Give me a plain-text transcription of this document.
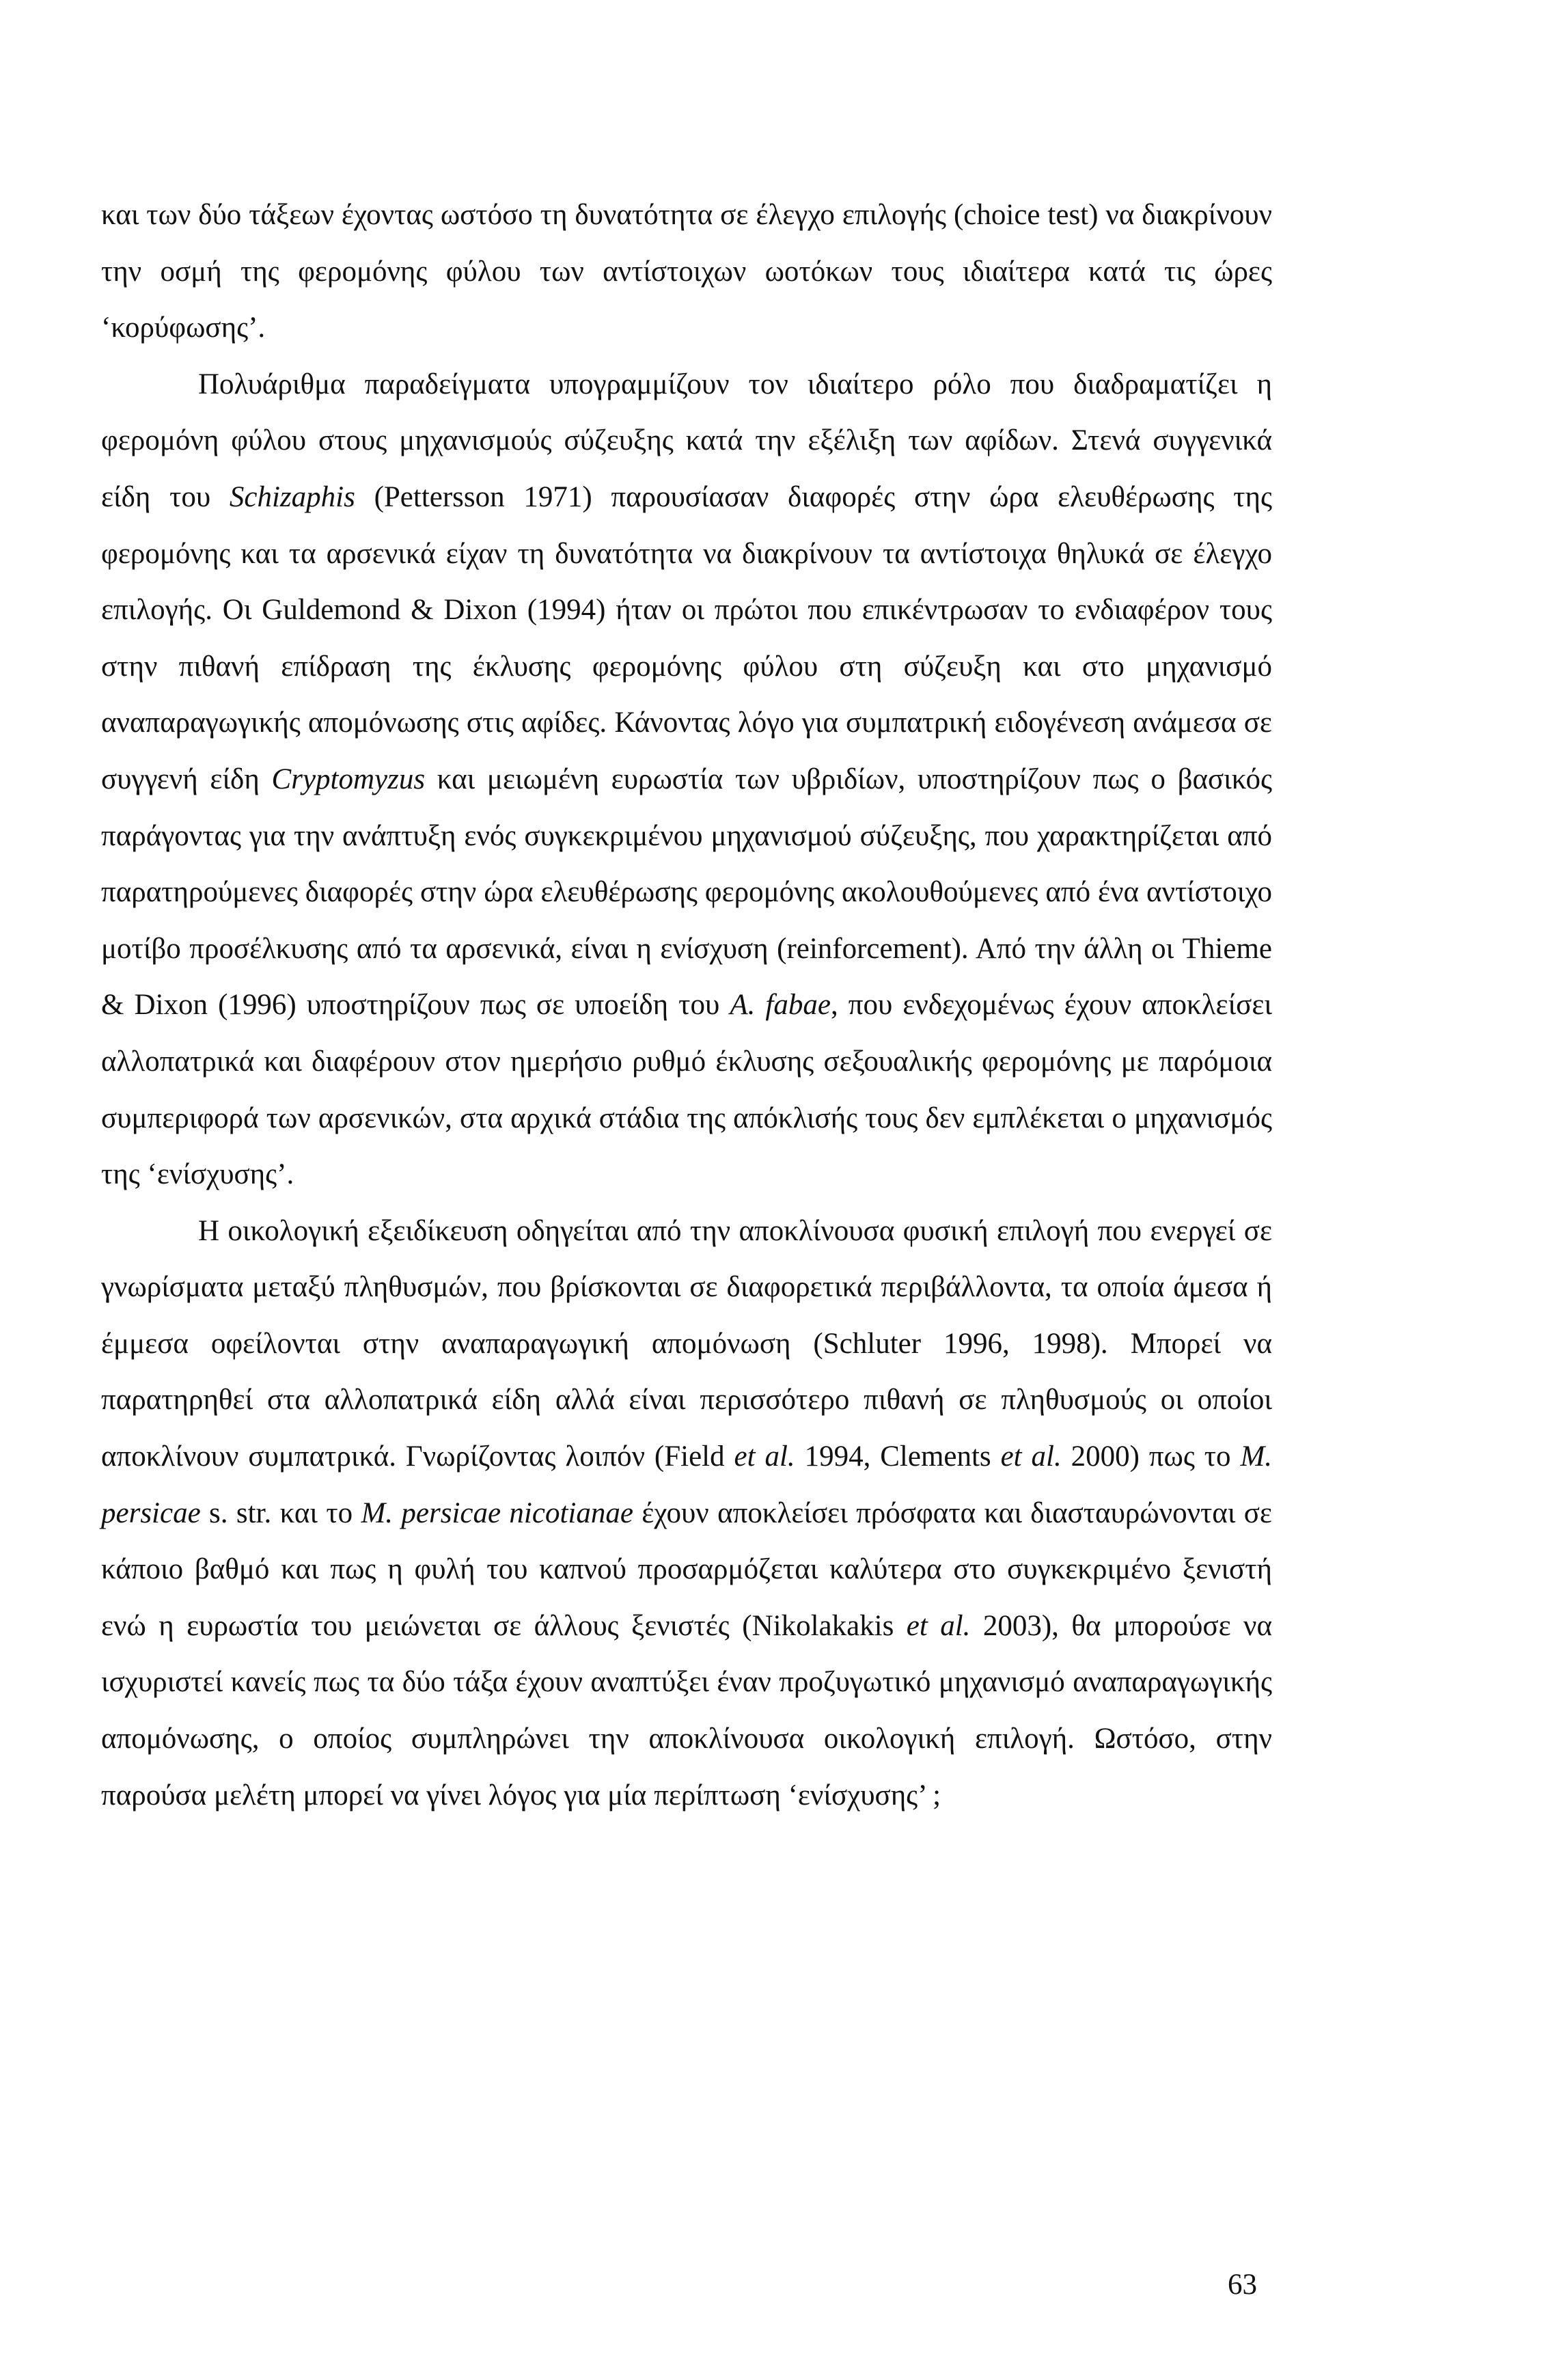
και των δύο τάξεων έχοντας ωστόσο τη δυνατότητα σε έλεγχο επιλογής (choice test) να διακρίνουν την οσμή της φερομόνης φύλου των αντίστοιχων ωοτόκων τους ιδιαίτερα κατά τις ώρες ‘κορύφωσης’.

Πολυάριθμα παραδείγματα υπογραμμίζουν τον ιδιαίτερο ρόλο που διαδραματίζει η φερομόνη φύλου στους μηχανισμούς σύζευξης κατά την εξέλιξη των αφίδων. Στενά συγγενικά είδη του Schizaphis (Pettersson 1971) παρουσίασαν διαφορές στην ώρα ελευθέρωσης της φερομόνης και τα αρσενικά είχαν τη δυνατότητα να διακρίνουν τα αντίστοιχα θηλυκά σε έλεγχο επιλογής. Οι Guldemond & Dixon (1994) ήταν οι πρώτοι που επικέντρωσαν το ενδιαφέρον τους στην πιθανή επίδραση της έκλυσης φερομόνης φύλου στη σύζευξη και στο μηχανισμό αναπαραγωγικής απομόνωσης στις αφίδες. Κάνοντας λόγο για συμπατρική ειδογένεση ανάμεσα σε συγγενή είδη Cryptomyzus και μειωμένη ευρωστία των υβριδίων, υποστηρίζουν πως ο βασικός παράγοντας για την ανάπτυξη ενός συγκεκριμένου μηχανισμού σύζευξης, που χαρακτηρίζεται από παρατηρούμενες διαφορές στην ώρα ελευθέρωσης φερομόνης ακολουθούμενες από ένα αντίστοιχο μοτίβο προσέλκυσης από τα αρσενικά, είναι η ενίσχυση (reinforcement). Από την άλλη οι Thieme & Dixon (1996) υποστηρίζουν πως σε υποείδη του A. fabae, που ενδεχομένως έχουν αποκλείσει αλλοπατρικά και διαφέρουν στον ημερήσιο ρυθμό έκλυσης σεξουαλικής φερομόνης με παρόμοια συμπεριφορά των αρσενικών, στα αρχικά στάδια της απόκλισής τους δεν εμπλέκεται ο μηχανισμός της ‘ενίσχυσης’.

Η οικολογική εξειδίκευση οδηγείται από την αποκλίνουσα φυσική επιλογή που ενεργεί σε γνωρίσματα μεταξύ πληθυσμών, που βρίσκονται σε διαφορετικά περιβάλλοντα, τα οποία άμεσα ή έμμεσα οφείλονται στην αναπαραγωγική απομόνωση (Schluter 1996, 1998). Μπορεί να παρατηρηθεί στα αλλοπατρικά είδη αλλά είναι περισσότερο πιθανή σε πληθυσμούς οι οποίοι αποκλίνουν συμπατρικά. Γνωρίζοντας λοιπόν (Field et al. 1994, Clements et al. 2000) πως το M. persicae s. str. και το M. persicae nicotianae έχουν αποκλείσει πρόσφατα και διασταυρώνονται σε κάποιο βαθμό και πως η φυλή του καπνού προσαρμόζεται καλύτερα στο συγκεκριμένο ξενιστή ενώ η ευρωστία του μειώνεται σε άλλους ξενιστές (Nikolakakis et al. 2003), θα μπορούσε να ισχυριστεί κανείς πως τα δύο τάξα έχουν αναπτύξει έναν προζυγωτικό μηχανισμό αναπαραγωγικής απομόνωσης, ο οποίος συμπληρώνει την αποκλίνουσα οικολογική επιλογή. Ωστόσο, στην παρούσα μελέτη μπορεί να γίνει λόγος για μία περίπτωση ‘ενίσχυσης’ ;

63
